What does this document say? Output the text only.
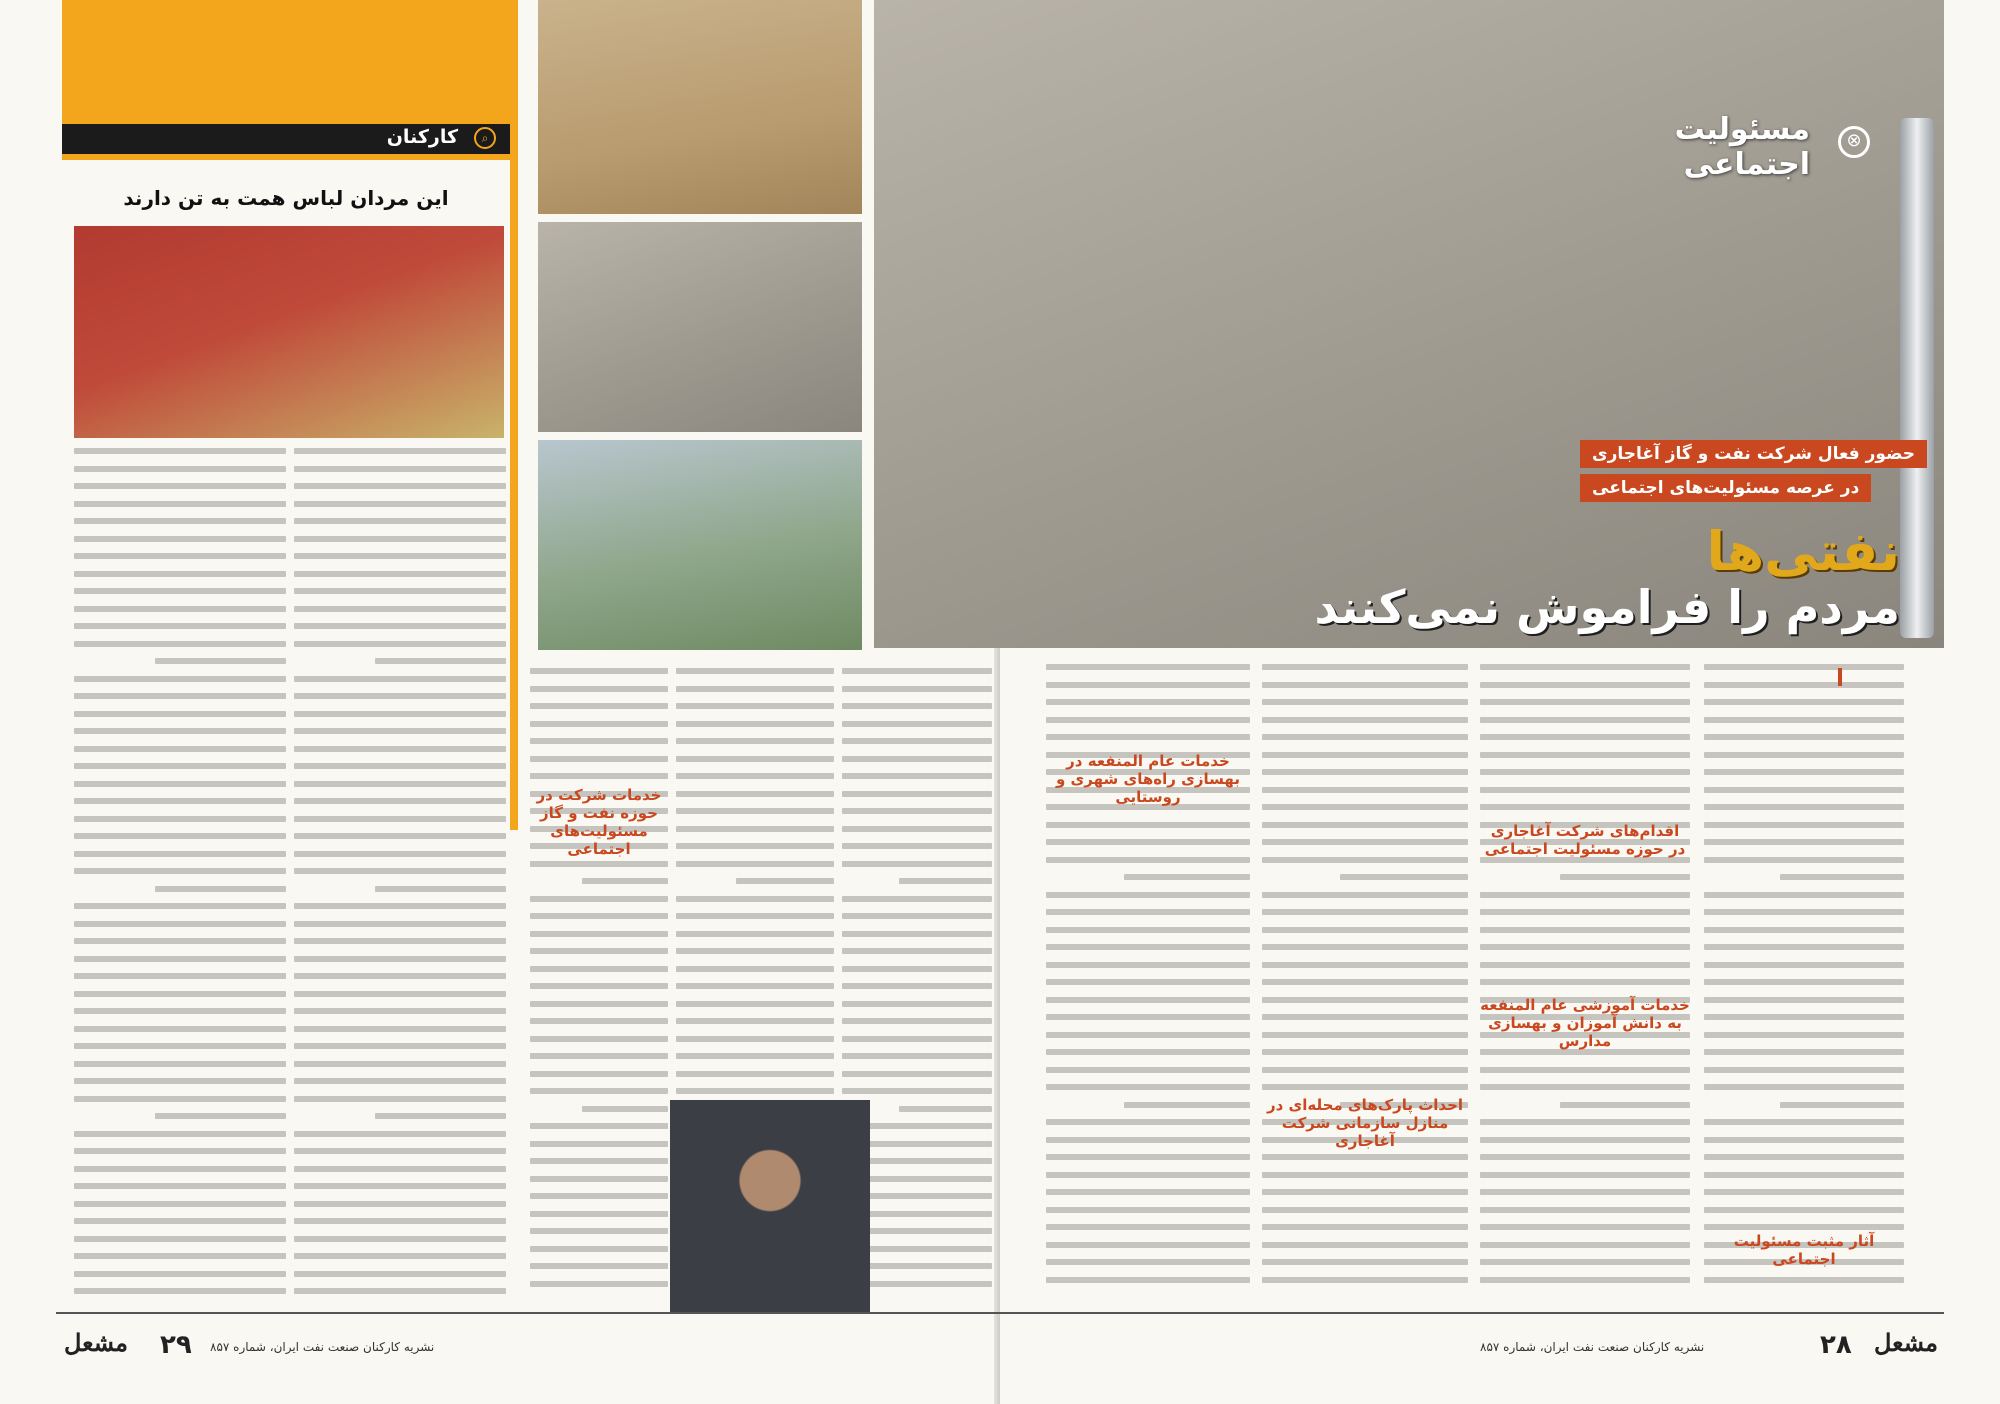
⌕
کارکنان
این مردان لباس همت به تن دارند
خدمات شرکت در حوزه نفت و گاز مسئولیت‌های اجتماعی
⊗
مسئولیت اجتماعی
حضور فعال شرکت نفت و گاز آغاجاری
در عرصه مسئولیت‌های اجتماعی
نفتی‌ها
مردم را فراموش نمی‌کنند
خدمات عام المنفعه در بهسازی راه‌های شهری و روستایی
اقدام‌های شرکت آغاجاری در حوزه مسئولیت اجتماعی
خدمات آموزشی عام المنفعه به دانش آموزان و بهسازی مدارس
احداث پارک‌های محله‌ای در منازل سازمانی شرکت آغاجاری
آثار مثبت مسئولیت اجتماعی
مشعل ۲۹ نشریه کارکنان صنعت نفت ایران، شماره ۸۵۷	نشریه کارکنان صنعت نفت ایران، شماره ۸۵۷	۲۸ مشعل
